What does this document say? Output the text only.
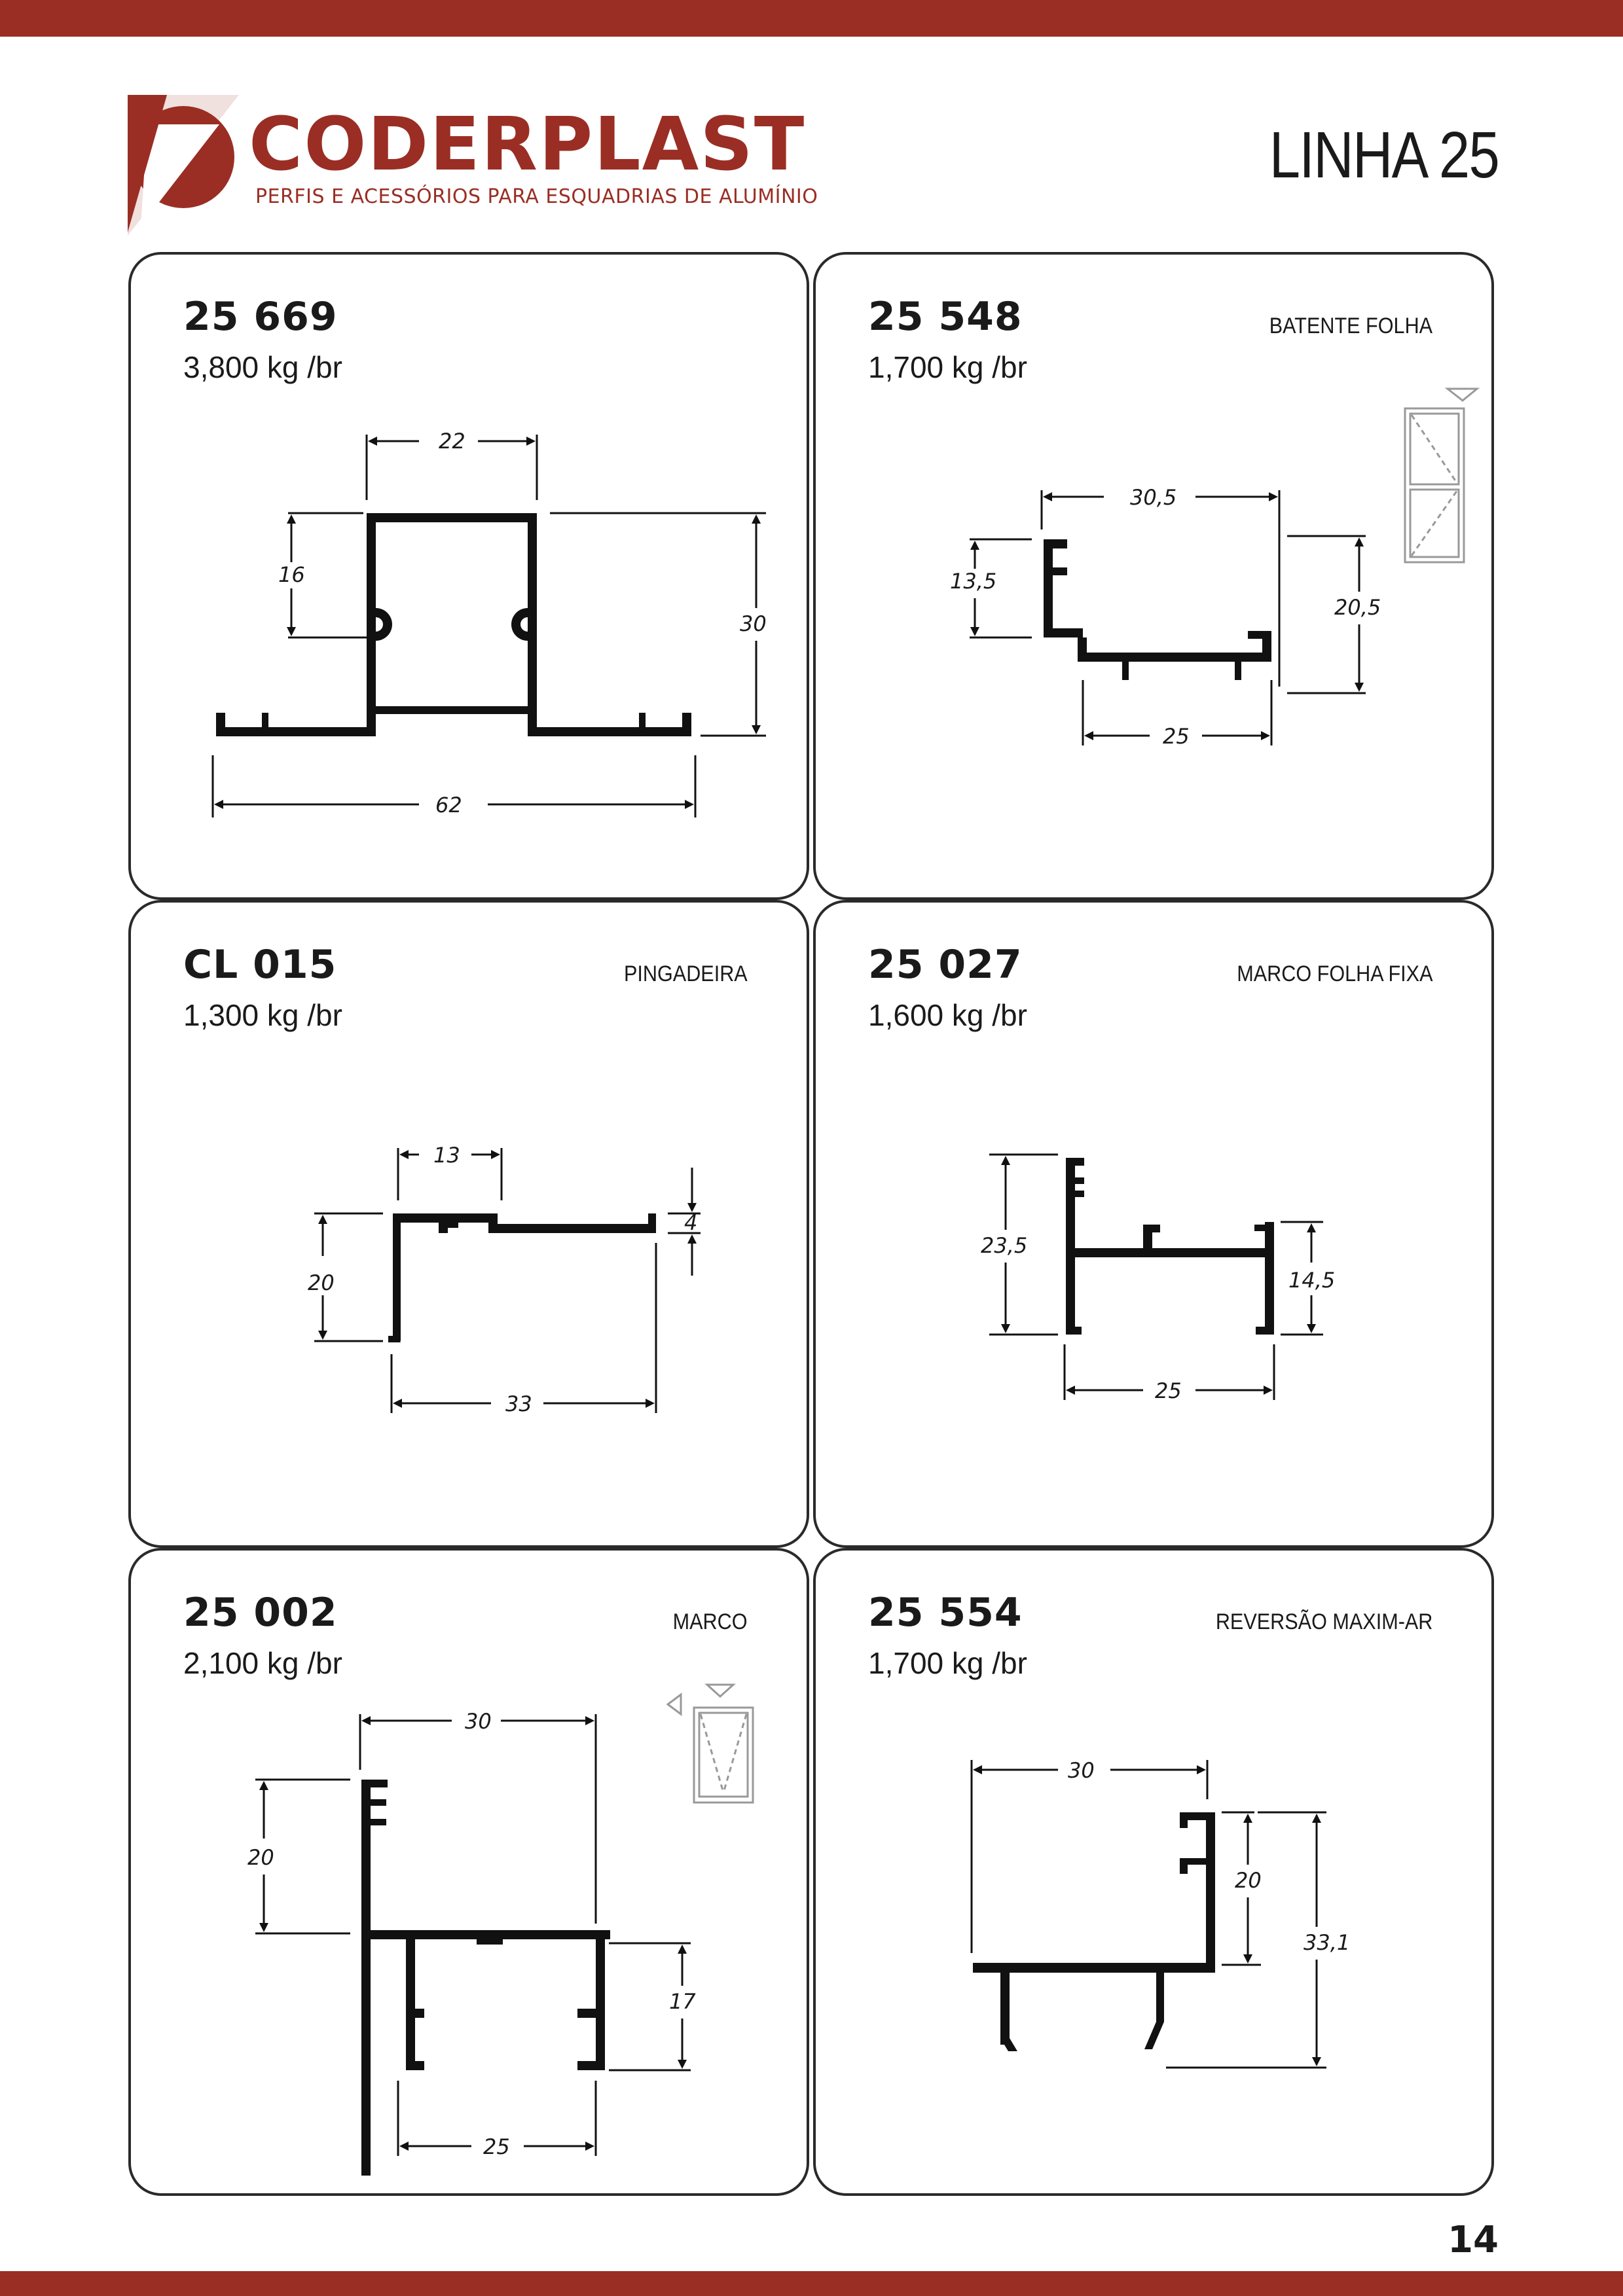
CODERPLAST
PERFIS E ACESSÓRIOS PARA ESQUADRIAS DE ALUMÍNIO
LINHA 25
25 669
3,800 kg /br
22
16
30
62
25 548
1,700 kg /br
BATENTE FOLHA
30,5
13,5
20,5
25
CL 015
1,300 kg /br
PINGADEIRA
13
4
20
33
25 027
1,600 kg /br
MARCO FOLHA FIXA
23,5
14,5
25
25 002
2,100 kg /br
MARCO
30
20
17
25
25 554
1,700 kg /br
REVERSÃO MAXIM-AR
30
20
33,1
14
